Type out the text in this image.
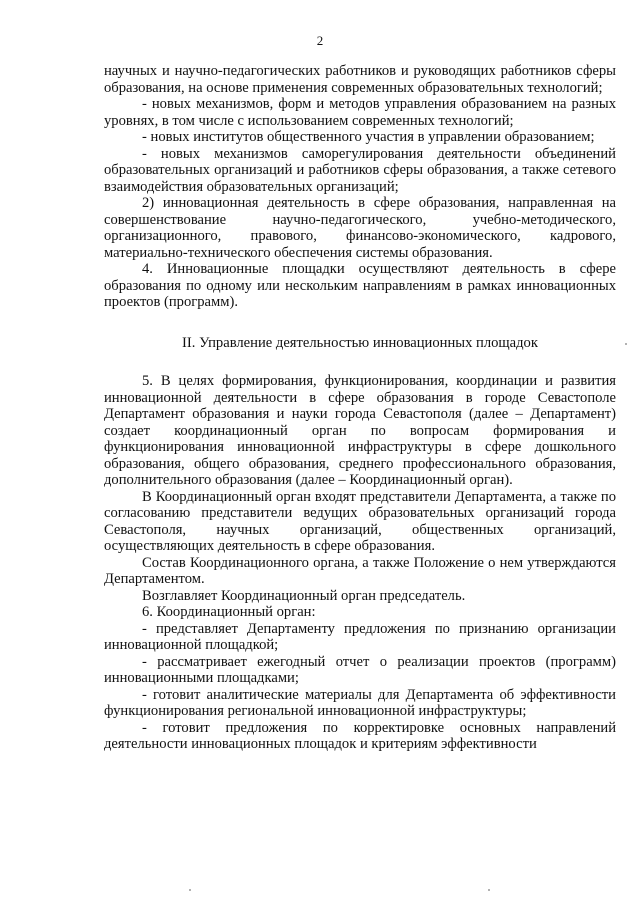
2

научных и научно-педагогических работников и руководящих работников сферы образования, на основе применения современных образовательных технологий;

- новых механизмов, форм и методов управления образованием на разных уровнях, в том числе с использованием современных технологий;

- новых институтов общественного участия в управлении образованием;

- новых механизмов саморегулирования деятельности объединений образовательных организаций и работников сферы образования, а также сетевого взаимодействия образовательных организаций;

2) инновационная деятельность в сфере образования, направленная на совершенствование научно-педагогического, учебно-методического, организационного, правового, финансово-экономического, кадрового, материально-технического обеспечения системы образования.

4. Инновационные площадки осуществляют деятельность в сфере образования по одному или нескольким направлениям в рамках инновационных проектов (программ).

II. Управление деятельностью инновационных площадок

5. В целях формирования, функционирования, координации и развития инновационной деятельности в сфере образования в городе Севастополе Департамент образования и науки города Севастополя (далее – Департамент) создает координационный орган по вопросам формирования и функционирования инновационной инфраструктуры в сфере дошкольного образования, общего образования, среднего профессионального образования, дополнительного образования (далее – Координационный орган).

В Координационный орган входят представители Департамента, а также по согласованию представители ведущих образовательных организаций города Севастополя, научных организаций, общественных организаций, осуществляющих деятельность в сфере образования.

Состав Координационного органа, а также Положение о нем утверждаются Департаментом.

Возглавляет Координационный орган председатель.

6. Координационный орган:

- представляет Департаменту предложения по признанию организации инновационной площадкой;

- рассматривает ежегодный отчет о реализации проектов (программ) инновационными площадками;

- готовит аналитические материалы для Департамента об эффективности функционирования региональной инновационной инфраструктуры;

- готовит предложения по корректировке основных направлений деятельности инновационных площадок и критериям эффективности
